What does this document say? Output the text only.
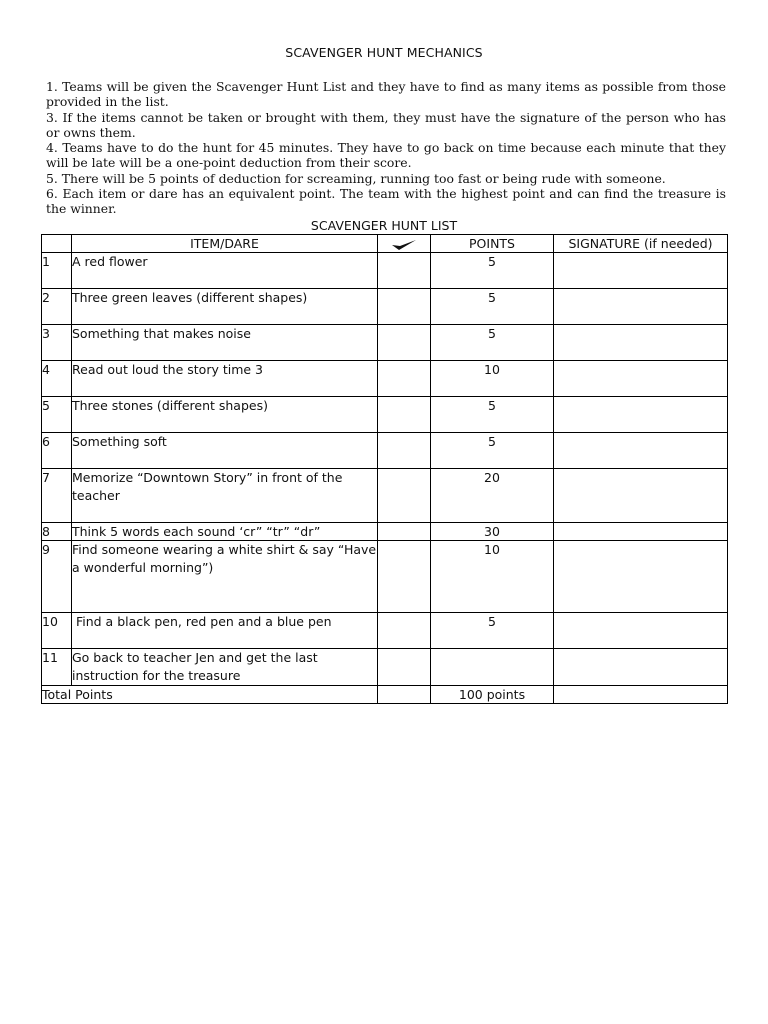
SCAVENGER HUNT MECHANICS

1. Teams will be given the Scavenger Hunt List and they have to find as many items as possible from those provided in the list.

3. If the items cannot be taken or brought with them, they must have the signature of the person who has or owns them.

4. Teams have to do the hunt for 45 minutes. They have to go back on time because each minute that they will be late will be a one-point deduction from their score.

5. There will be 5 points of deduction for screaming, running too fast or being rude with someone.

6. Each item or dare has an equivalent point. The team with the highest point and can find the treasure is the winner.

SCAVENGER HUNT LIST
	ITEM/DARE		POINTS	SIGNATURE (if needed)
1	A red flower		5	
2	Three green leaves (different shapes)		5	
3	Something that makes noise		5	
4	Read out loud the story time 3		10	
5	Three stones (different shapes)		5	
6	Something soft		5	
7	Memorize “Downtown Story” in front of the teacher		20	
8	Think 5 words each sound ‘cr” “tr” “dr”		30	
9	Find someone wearing a white shirt & say “Have a wonderful morning”)		10	
10	Find a black pen, red pen and a blue pen		5	
11	Go back to teacher Jen and get the last instruction for the treasure			
Total Points			100 points	
